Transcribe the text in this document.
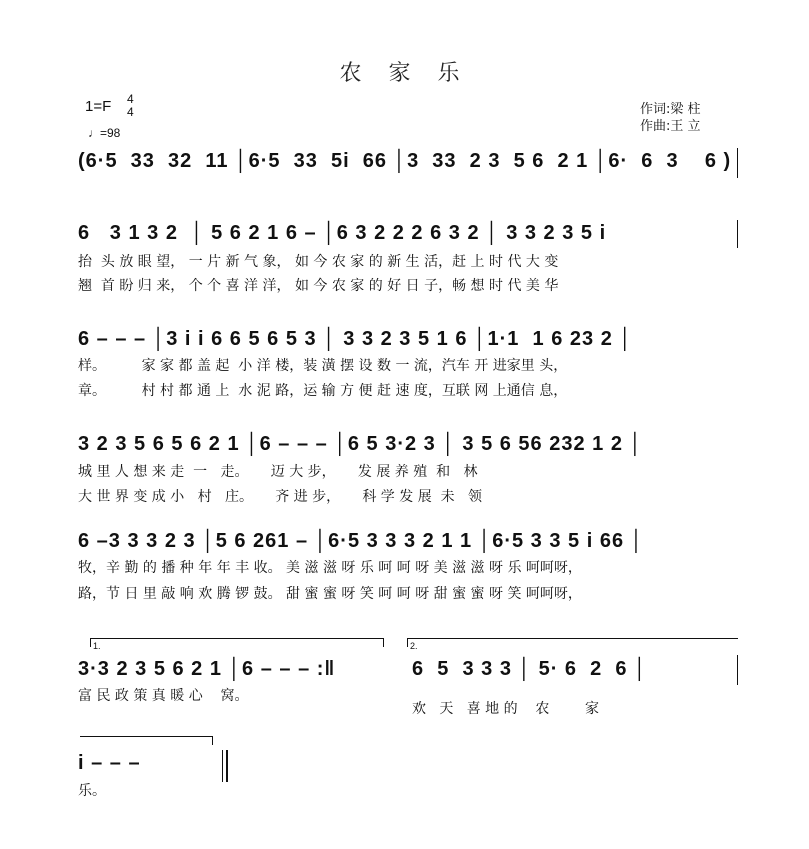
农 家 乐
1=F 4
4
♩=98
作词:梁 柱
作曲:王 立
(6·5  33  32  11 │6·5  33  5i  66 │3  33  2 3  5 6  2 1 │6·  6  3    6 )
6   3 1 3 2  │ 5 6 2 1 6 – │6 3 2 2 2 6 3 2 │ 3 3 2 3 5 i
抬  头 放 眼 望， 一 片 新 气 象， 如 今 农 家 的 新 生 活，赶 上 时 代 大 变
翘  首 盼 归 来， 个 个 喜 洋 洋， 如 今 农 家 的 好 日 子，畅 想 时 代 美 华
6 – – – │3 i i 6 6 5 6 5 3 │ 3 3 2 3 5 1 6 │1·1  1 6 23 2 │
样。        家 家 都 盖 起  小 洋 楼，装 潢 摆 设 数 一 流，汽车 开 进家里 头，
章。        村 村 都 通 上  水 泥 路，运 输 方 便 赶 速 度，互联 网 上通信 息，
3 2 3 5 6 5 6 2 1 │6 – – – │6 5 3·2 3 │ 3 5 6 56 232 1 2 │
城 里 人 想 来 走  一   走。     迈 大 步，     发 展 养 殖  和   林
大 世 界 变 成 小   村   庄。     齐 进 步，     科 学 发 展  未   领
6 –3 3 3 2 3 │5 6 261 – │6·5 3 3 3 2 1 1 │6·5 3 3 5 i 66 │
牧，辛 勤 的 播 种 年 年 丰 收。 美 滋 滋 呀 乐 呵 呵 呀 美 滋 滋 呀 乐 呵呵呀，
路，节 日 里 敲 响 欢 腾 锣 鼓。 甜 蜜 蜜 呀 笑 呵 呵 呀 甜 蜜 蜜 呀 笑 呵呵呀，
1.	2.
3·3 2 3 5 6 2 1 │6 – – – :‖	6  5  3 3 3 │ 5· 6  2  6 │
富 民 政 策 真 暖 心    窝。
欢   天   喜 地 的    农        家
i – – –
乐。
